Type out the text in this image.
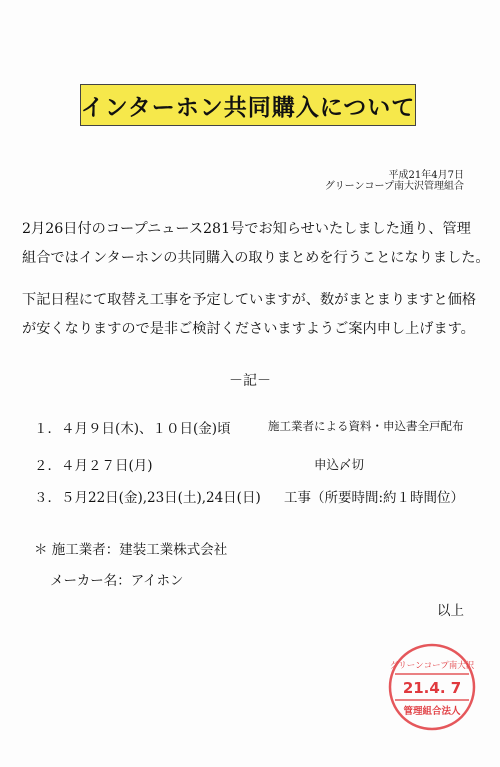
インターホン共同購入について
平成21年4月7日
グリーンコープ南大沢管理組合
2月26日付のコープニュース281号でお知らせいたしました通り、管理
組合ではインターホンの共同購入の取りまとめを行うことになりました。
下記日程にて取替え工事を予定していますが、数がまとまりますと価格
が安くなりますので是非ご検討くださいますようご案内申し上げます。
－記－
１．４月９日(木)、１０日(金)頃	施工業者による資料・申込書全戸配布
２．４月２７日(月)	申込〆切
３．５月22日(金),23日(土),24日(日) 工事（所要時間:約１時間位）
＊ 施工業者：建装工業株式会社
メーカー名：アイホン
以上
グリーンコープ南大沢
21.4. 7
管理組合法人
